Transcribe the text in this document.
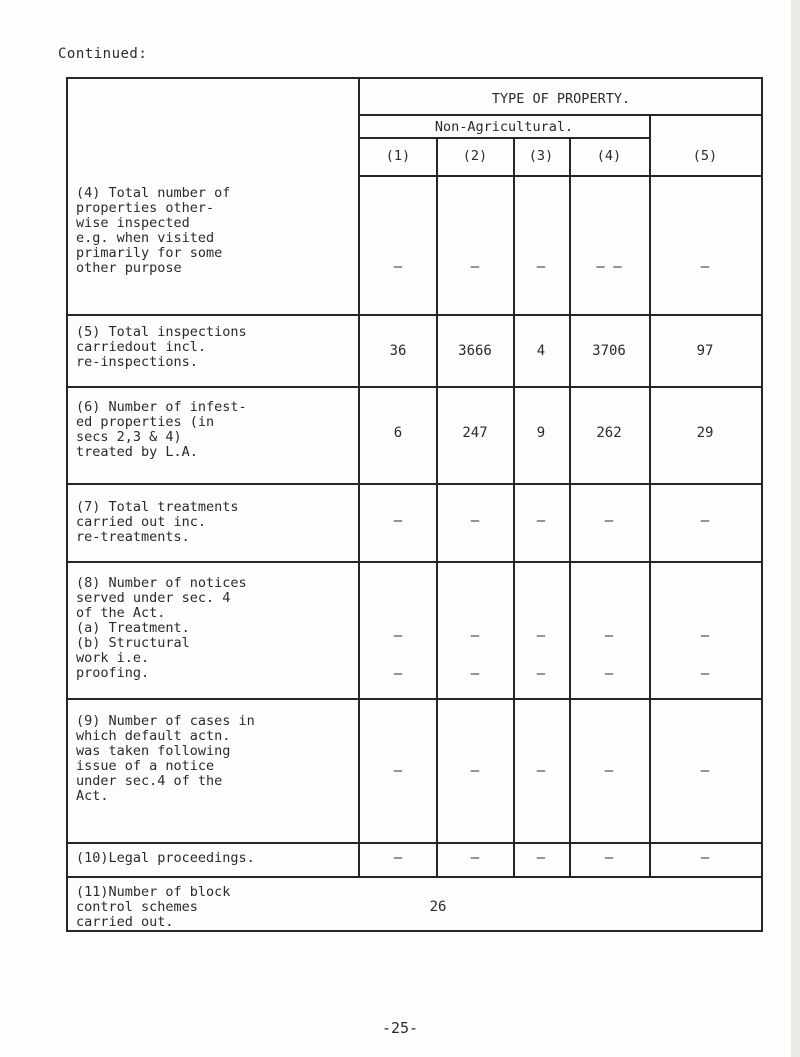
Continued:
TYPE OF PROPERTY.
Non-Agricultural.
(1)	(2)	(3)	(4)	(5)
(4) Total number of
properties other-
wise inspected
e.g. when visited
primarily for some
other purpose	–	–	–	– –	–
(5) Total inspections
carriedout incl.
re-inspections.
36	3666	4	3706	97
(6) Number of infest-
ed properties (in
secs 2,3 & 4)
treated by L.A.
6	247	9	262	29
(7) Total treatments
carried out inc.
re-treatments.
–	–	–	–	–
(8) Number of notices
served under sec. 4
of the Act.
(a) Treatment.
(b) Structural
work i.e.
proofing.
–	–	–	–	–
–	–	–	–	–
(9) Number of cases in
which default actn.
was taken following
issue of a notice
under sec.4 of the
Act.
–	–	–	–	–
(10)Legal proceedings.	–	–	–	–	–
(11)Number of block
control schemes
carried out.
26
-25-
